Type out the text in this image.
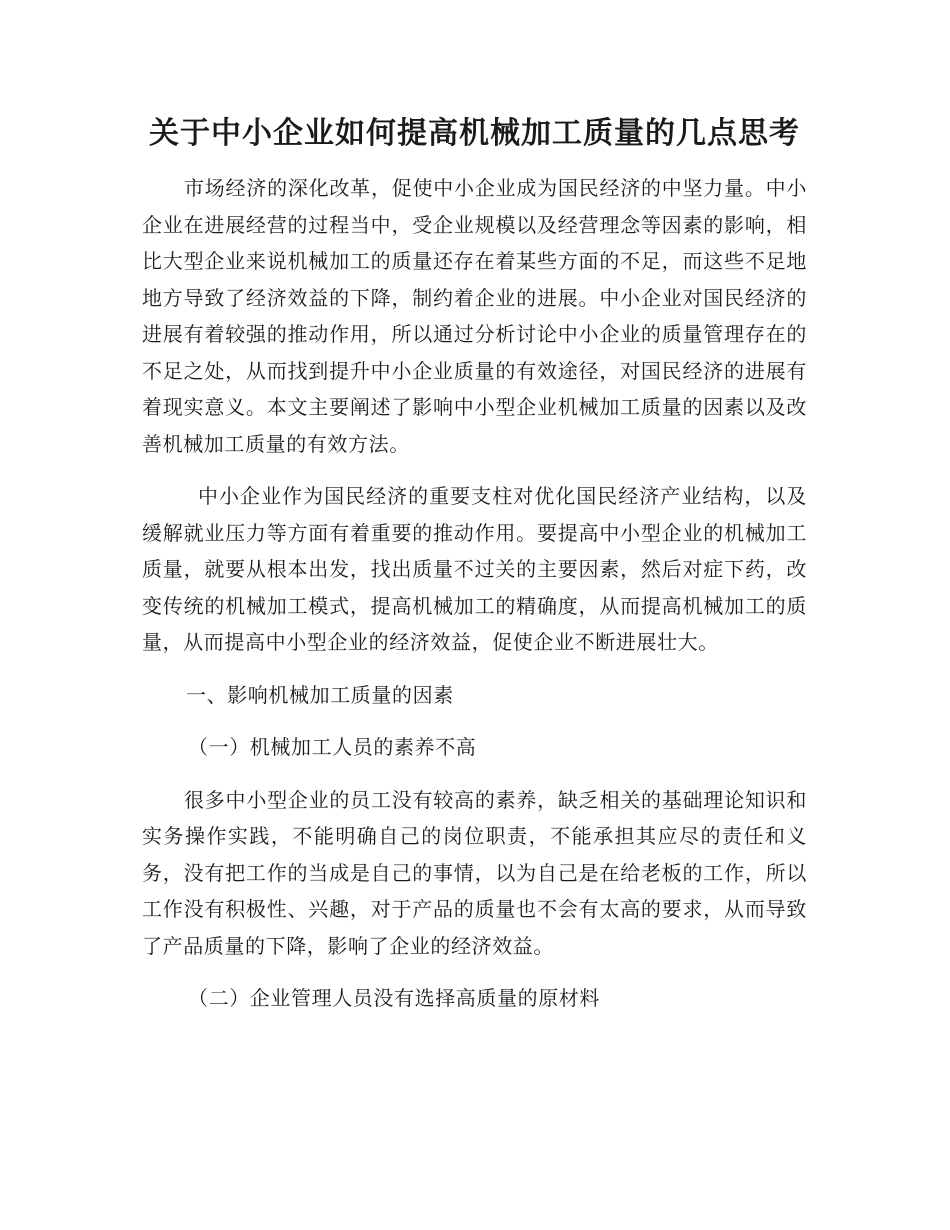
关于中小企业如何提高机械加工质量的几点思考

市场经济的深化改革，促使中小企业成为国民经济的中坚力量。中小企业在进展经营的过程当中，受企业规模以及经营理念等因素的影响，相比大型企业来说机械加工的质量还存在着某些方面的不足，而这些不足地地方导致了经济效益的下降，制约着企业的进展。中小企业对国民经济的进展有着较强的推动作用，所以通过分析讨论中小企业的质量管理存在的不足之处，从而找到提升中小企业质量的有效途径，对国民经济的进展有着现实意义。本文主要阐述了影响中小型企业机械加工质量的因素以及改善机械加工质量的有效方法。

中小企业作为国民经济的重要支柱对优化国民经济产业结构，以及缓解就业压力等方面有着重要的推动作用。要提高中小型企业的机械加工质量，就要从根本出发，找出质量不过关的主要因素，然后对症下药，改变传统的机械加工模式，提高机械加工的精确度，从而提高机械加工的质量，从而提高中小型企业的经济效益，促使企业不断进展壮大。

一、影响机械加工质量的因素

（一）机械加工人员的素养不高

很多中小型企业的员工没有较高的素养，缺乏相关的基础理论知识和实务操作实践，不能明确自己的岗位职责，不能承担其应尽的责任和义务，没有把工作的当成是自己的事情，以为自己是在给老板的工作，所以工作没有积极性、兴趣，对于产品的质量也不会有太高的要求，从而导致了产品质量的下降，影响了企业的经济效益。

（二）企业管理人员没有选择高质量的原材料
